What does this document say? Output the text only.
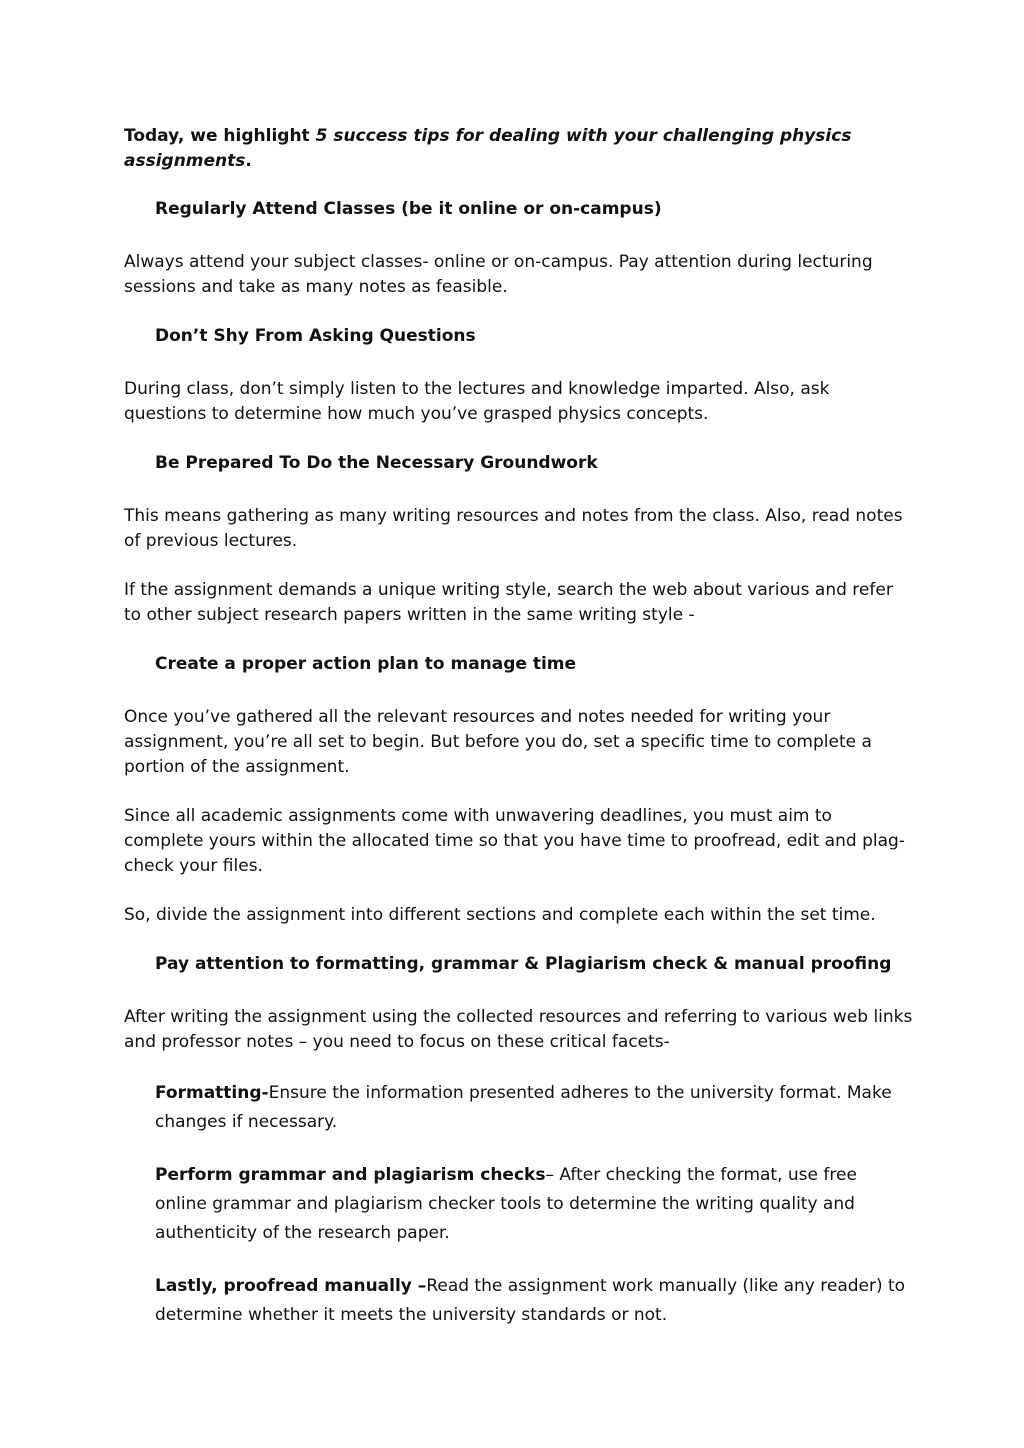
Today, we highlight 5 success tips for dealing with your challenging physics assignments.

Regularly Attend Classes (be it online or on-campus)

Always attend your subject classes- online or on-campus. Pay attention during lecturing sessions and take as many notes as feasible.

Don’t Shy From Asking Questions

During class, don’t simply listen to the lectures and knowledge imparted. Also, ask questions to determine how much you’ve grasped physics concepts.

Be Prepared To Do the Necessary Groundwork

This means gathering as many writing resources and notes from the class. Also, read notes of previous lectures.

If the assignment demands a unique writing style, search the web about various and refer to other subject research papers written in the same writing style -

Create a proper action plan to manage time

Once you’ve gathered all the relevant resources and notes needed for writing your assignment, you’re all set to begin. But before you do, set a specific time to complete a portion of the assignment.

Since all academic assignments come with unwavering deadlines, you must aim to complete yours within the allocated time so that you have time to proofread, edit and plag-check your files.

So, divide the assignment into different sections and complete each within the set time.

Pay attention to formatting, grammar & Plagiarism check & manual proofing

After writing the assignment using the collected resources and referring to various web links and professor notes – you need to focus on these critical facets-

Formatting-Ensure the information presented adheres to the university format. Make changes if necessary.

Perform grammar and plagiarism checks– After checking the format, use free online grammar and plagiarism checker tools to determine the writing quality and authenticity of the research paper.

Lastly, proofread manually –Read the assignment work manually (like any reader) to determine whether it meets the university standards or not.
